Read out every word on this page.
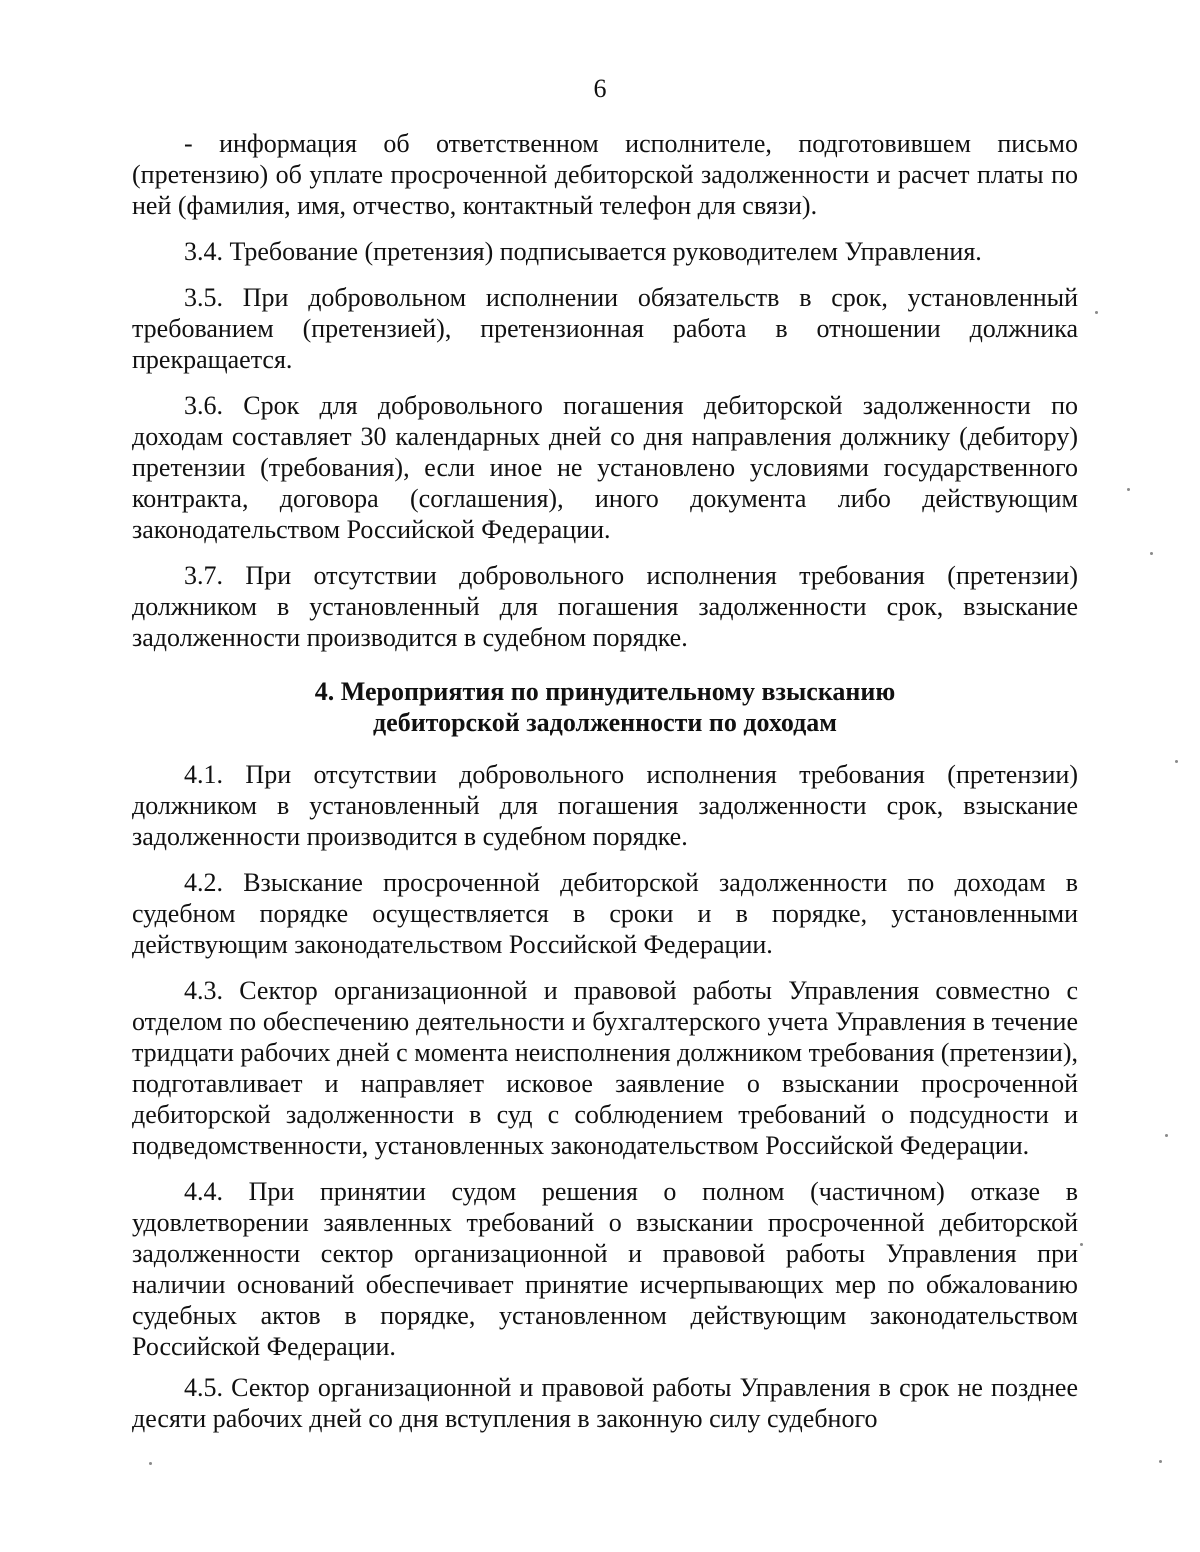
6

- информация об ответственном исполнителе, подготовившем письмо (претензию) об уплате просроченной дебиторской задолженности и расчет платы по ней (фамилия, имя, отчество, контактный телефон для связи).

3.4. Требование (претензия) подписывается руководителем Управления.

3.5. При добровольном исполнении обязательств в срок, установленный требованием (претензией), претензионная работа в отношении должника прекращается.

3.6. Срок для добровольного погашения дебиторской задолженности по доходам составляет 30 календарных дней со дня направления должнику (дебитору) претензии (требования), если иное не установлено условиями государственного контракта, договора (соглашения), иного документа либо действующим законодательством Российской Федерации.

3.7. При отсутствии добровольного исполнения требования (претензии) должником в установленный для погашения задолженности срок, взыскание задолженности производится в судебном порядке.

4. Мероприятия по принудительному взысканию
дебиторской задолженности по доходам

4.1. При отсутствии добровольного исполнения требования (претензии) должником в установленный для погашения задолженности срок, взыскание задолженности производится в судебном порядке.

4.2. Взыскание просроченной дебиторской задолженности по доходам в судебном порядке осуществляется в сроки и в порядке, установленными действующим законодательством Российской Федерации.

4.3. Сектор организационной и правовой работы Управления совместно с отделом по обеспечению деятельности и бухгалтерского учета Управления в течение тридцати рабочих дней с момента неисполнения должником требования (претензии), подготавливает и направляет исковое заявление о взыскании просроченной дебиторской задолженности в суд с соблюдением требований о подсудности и подведомственности, установленных законодательством Российской Федерации.

4.4. При принятии судом решения о полном (частичном) отказе в удовлетворении заявленных требований о взыскании просроченной дебиторской задолженности сектор организационной и правовой работы Управления при наличии оснований обеспечивает принятие исчерпывающих мер по обжалованию судебных актов в порядке, установленном действующим законодательством Российской Федерации.

4.5. Сектор организационной и правовой работы Управления в срок не позднее десяти рабочих дней со дня вступления в законную силу судебного
